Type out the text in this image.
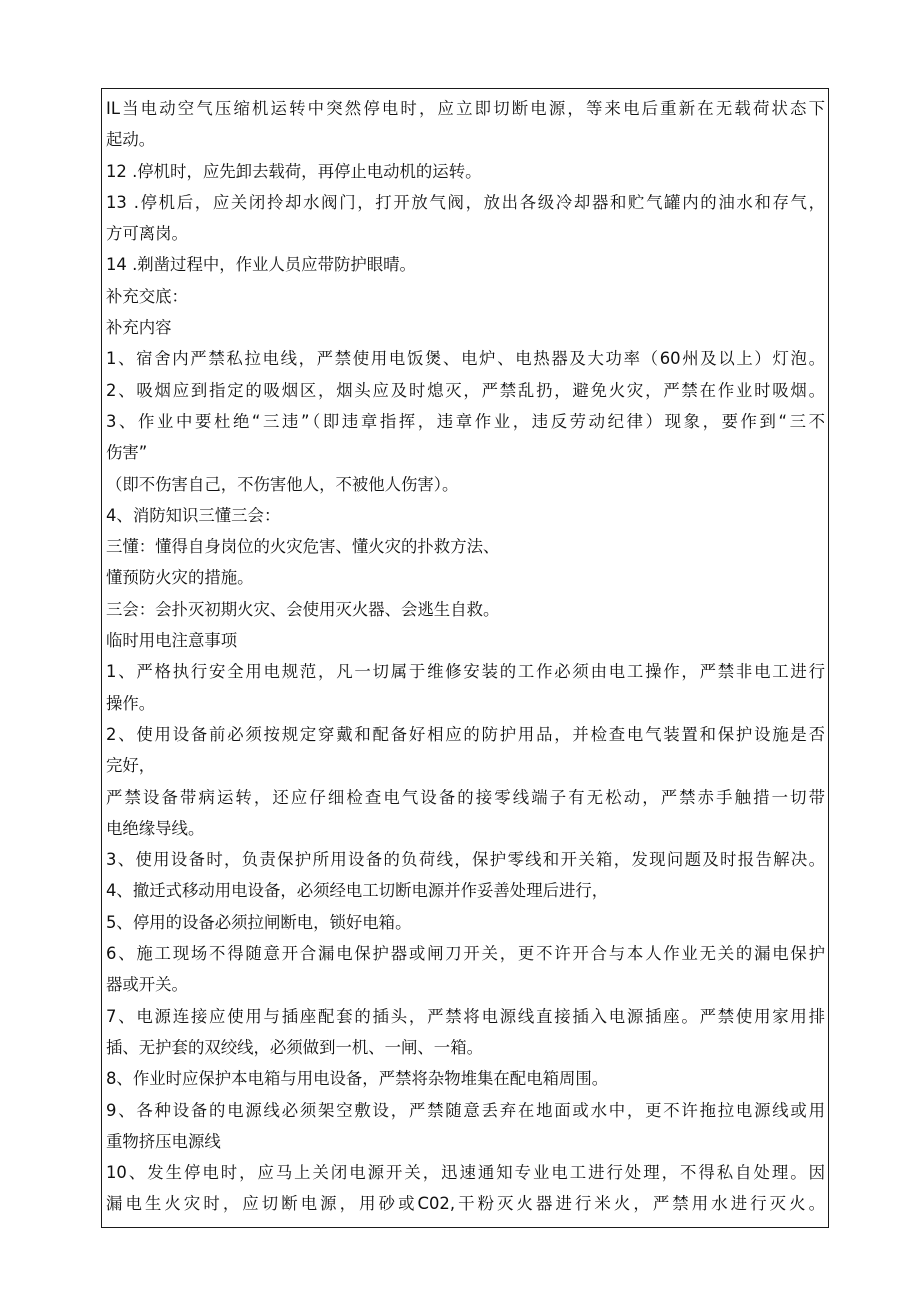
IL当电动空气压缩机运转中突然停电时，应立即切断电源，等来电后重新在无载荷状态下
起动。
12 .停机时，应先卸去载荷，再停止电动机的运转。
13 .停机后，应关闭拎却水阀门，打开放气阀，放出各级冷却器和贮气罐内的油水和存气，
方可离岗。
14 .剃凿过程中，作业人员应带防护眼晴。
补充交底：
补充内容
1、宿舍内严禁私拉电线，严禁使用电饭煲、电炉、电热器及大功率（60州及以上）灯泡。
2、吸烟应到指定的吸烟区，烟头应及时熄灭，严禁乱扔，避免火灾，严禁在作业时吸烟。
3、作业中要杜绝“三违”（即违章指挥，违章作业，违反劳动纪律）现象，要作到“三不
伤害”
（即不伤害自己，不伤害他人，不被他人伤害）。
4、消防知识三懂三会：
三懂：懂得自身岗位的火灾危害、懂火灾的扑救方法、
懂预防火灾的措施。
三会：会扑灭初期火灾、会使用灭火器、会逃生自救。
临时用电注意事项
1、严格执行安全用电规范，凡一切属于维修安装的工作必须由电工操作，严禁非电工进行
操作。
2、使用设备前必须按规定穿戴和配备好相应的防护用品，并检查电气装置和保护设施是否
完好，
严禁设备带病运转，还应仔细检查电气设备的接零线端子有无松动，严禁赤手触措一切带
电绝缘导线。
3、使用设备时，负责保护所用设备的负荷线，保护零线和开关箱，发现问题及时报告解决。
4、撤迁式移动用电设备，必须经电工切断电源并作妥善处理后进行，
5、停用的设备必须拉闸断电，锁好电箱。
6、施工现场不得随意开合漏电保护器或闸刀开关，更不许开合与本人作业无关的漏电保护
器或开关。
7、电源连接应使用与插座配套的插头，严禁将电源线直接插入电源插座。严禁使用家用排
插、无护套的双绞线，必须做到一机、一闸、一箱。
8、作业时应保护本电箱与用电设备，严禁将杂物堆集在配电箱周围。
9、各种设备的电源线必须架空敷设，严禁随意丢弃在地面或水中，更不许拖拉电源线或用
重物挤压电源线
10、发生停电时，应马上关闭电源开关，迅速通知专业电工进行处理，不得私自处理。因
漏电生火灾时，应切断电源，用砂或C02,干粉灭火器进行米火，严禁用水进行灭火。
